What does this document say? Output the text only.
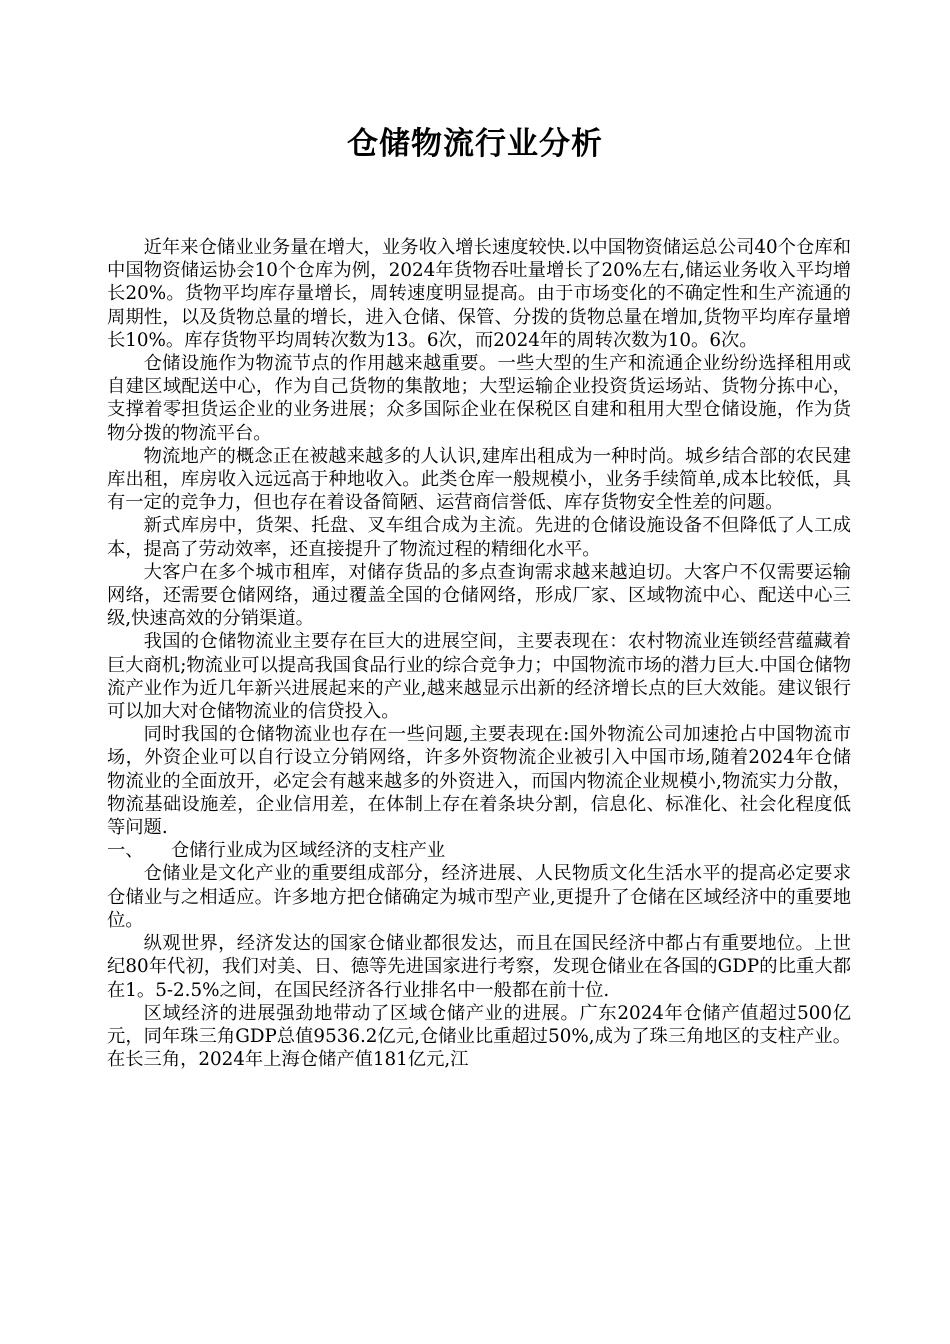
仓储物流行业分析

近年来仓储业业务量在增大，业务收入增长速度较快.以中国物资储运总公司40个仓库和中国物资储运协会10个仓库为例，2024年货物吞吐量增长了20%左右,储运业务收入平均增长20%。货物平均库存量增长，周转速度明显提高。由于市场变化的不确定性和生产流通的周期性，以及货物总量的增长，进入仓储、保管、分拨的货物总量在增加,货物平均库存量增长10%。库存货物平均周转次数为13。6次，而2024年的周转次数为10。6次。

仓储设施作为物流节点的作用越来越重要。一些大型的生产和流通企业纷纷选择租用或自建区域配送中心，作为自己货物的集散地；大型运输企业投资货运场站、货物分拣中心，支撑着零担货运企业的业务进展；众多国际企业在保税区自建和租用大型仓储设施，作为货物分拨的物流平台。

物流地产的概念正在被越来越多的人认识,建库出租成为一种时尚。城乡结合部的农民建库出租，库房收入远远高于种地收入。此类仓库一般规模小，业务手续简单,成本比较低，具有一定的竞争力，但也存在着设备简陋、运营商信誉低、库存货物安全性差的问题。

新式库房中，货架、托盘、叉车组合成为主流。先进的仓储设施设备不但降低了人工成本，提高了劳动效率，还直接提升了物流过程的精细化水平。

大客户在多个城市租库，对储存货品的多点查询需求越来越迫切。大客户不仅需要运输网络，还需要仓储网络，通过覆盖全国的仓储网络，形成厂家、区域物流中心、配送中心三级,快速高效的分销渠道。

我国的仓储物流业主要存在巨大的进展空间，主要表现在：农村物流业连锁经营蕴藏着巨大商机;物流业可以提高我国食品行业的综合竞争力；中国物流市场的潜力巨大.中国仓储物流产业作为近几年新兴进展起来的产业,越来越显示出新的经济增长点的巨大效能。建议银行可以加大对仓储物流业的信贷投入。

同时我国的仓储物流业也存在一些问题,主要表现在:国外物流公司加速抢占中国物流市场，外资企业可以自行设立分销网络，许多外资物流企业被引入中国市场,随着2024年仓储物流业的全面放开，必定会有越来越多的外资进入，而国内物流企业规模小,物流实力分散，物流基础设施差，企业信用差，在体制上存在着条块分割，信息化、标准化、社会化程度低等问题.

一、 仓储行业成为区域经济的支柱产业

仓储业是文化产业的重要组成部分，经济进展、人民物质文化生活水平的提高必定要求仓储业与之相适应。许多地方把仓储确定为城市型产业,更提升了仓储在区域经济中的重要地位。

纵观世界，经济发达的国家仓储业都很发达，而且在国民经济中都占有重要地位。上世纪80年代初，我们对美、日、德等先进国家进行考察，发现仓储业在各国的GDP的比重大都在1。5-2.5%之间，在国民经济各行业排名中一般都在前十位.

区域经济的进展强劲地带动了区域仓储产业的进展。广东2024年仓储产值超过500亿元，同年珠三角GDP总值9536.2亿元,仓储业比重超过50%,成为了珠三角地区的支柱产业。在长三角，2024年上海仓储产值181亿元,江
